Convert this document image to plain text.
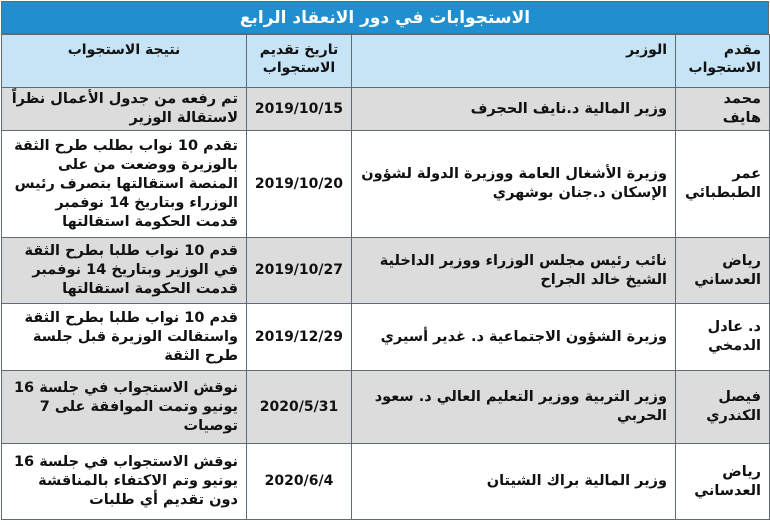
الاستجوابات في دور الانعقاد الرابع
مقدم الاستجواب	الوزير	تاريخ تقديم الاستجواب	نتيجة الاستجواب
محمد هايف	وزير المالية د.نايف الحجرف	2019/10/15	تم رفعه من جدول الأعمال نظراً لاستقالة الوزير
عمر الطبطبائي	وزيرة الأشغال العامة ووزيرة الدولة لشؤون الإسكان د.جنان بوشهري	2019/10/20	تقدم 10 نواب بطلب طرح الثقة بالوزيرة ووضعت من على المنصة استقالتها بتصرف رئيس الوزراء وبتاريخ 14 نوفمبر قدمت الحكومة استقالتها
رياض العدساني	نائب رئيس مجلس الوزراء ووزير الداخلية الشيخ خالد الجراح	2019/10/27	قدم 10 نواب طلبا بطرح الثقة في الوزير وبتاريخ 14 نوفمبر قدمت الحكومة استقالتها
د. عادل الدمخي	وزيرة الشؤون الاجتماعية د. غدير أسيري	2019/12/29	قدم 10 نواب طلبا بطرح الثقة واستقالت الوزيرة قبل جلسة طرح الثقة
فيصل الكندري	وزير التربية ووزير التعليم العالي د. سعود الحربي	2020/5/31	نوقش الاستجواب في جلسة 16 يونيو وتمت الموافقة على 7 توصيات
رياض العدساني	وزير المالية براك الشيتان	2020/6/4	نوقش الاستجواب في جلسة 16 يونيو وتم الاكتفاء بالمناقشة دون تقديم أي طلبات
